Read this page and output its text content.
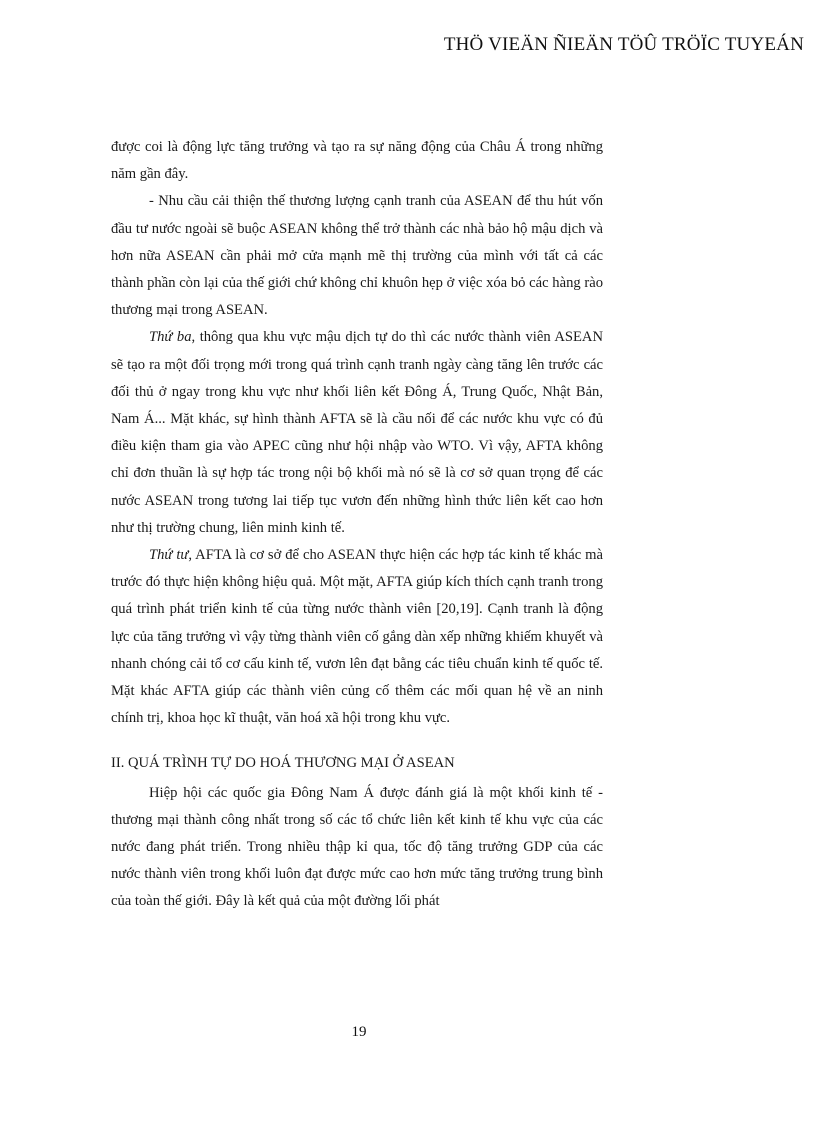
THÖ VIEÄN ÑIEÄN TÖÛ TRÖÏC TUYEÁN

được coi là động lực tăng trưởng và tạo ra sự năng động của Châu Á trong những năm gần đây.

- Nhu cầu cải thiện thế thương lượng cạnh tranh của ASEAN để thu hút vốn đầu tư nước ngoài sẽ buộc ASEAN không thể trở thành các nhà bảo hộ mậu dịch và hơn nữa ASEAN cần phải mở cửa mạnh mẽ thị trường của mình với tất cả các thành phần còn lại của thế giới chứ không chỉ khuôn hẹp ở việc xóa bỏ các hàng rào thương mại trong ASEAN.

Thứ ba, thông qua khu vực mậu dịch tự do thì các nước thành viên ASEAN sẽ tạo ra một đối trọng mới trong quá trình cạnh tranh ngày càng tăng lên trước các đối thủ ở ngay trong khu vực như khối liên kết Đông Á, Trung Quốc, Nhật Bản, Nam Á... Mặt khác, sự hình thành AFTA sẽ là cầu nối để các nước khu vực có đủ điều kiện tham gia vào APEC cũng như hội nhập vào WTO. Vì vậy, AFTA không chỉ đơn thuần là sự hợp tác trong nội bộ khối mà nó sẽ là cơ sở quan trọng để các nước ASEAN trong tương lai tiếp tục vươn đến những hình thức liên kết cao hơn như thị trường chung, liên minh kinh tế.

Thứ tư, AFTA là cơ sở để cho ASEAN thực hiện các hợp tác kinh tế khác mà trước đó thực hiện không hiệu quả. Một mặt, AFTA giúp kích thích cạnh tranh trong quá trình phát triển kinh tế của từng nước thành viên [20,19]. Cạnh tranh là động lực của tăng trưởng vì vậy từng thành viên cố gắng dàn xếp những khiếm khuyết và nhanh chóng cải tổ cơ cấu kinh tế, vươn lên đạt bằng các tiêu chuẩn kinh tế quốc tế. Mặt khác AFTA giúp các thành viên củng cố thêm các mối quan hệ về an ninh chính trị, khoa học kĩ thuật, văn hoá xã hội trong khu vực.

II. QUÁ TRÌNH TỰ DO HOÁ THƯƠNG MẠI Ở ASEAN

Hiệp hội các quốc gia Đông Nam Á được đánh giá là một khối kinh tế - thương mại thành công nhất trong số các tổ chức liên kết kinh tế khu vực của các nước đang phát triển. Trong nhiều thập kỉ qua, tốc độ tăng trưởng GDP của các nước thành viên trong khối luôn đạt được mức cao hơn mức tăng trưởng trung bình của toàn thế giới. Đây là kết quả của một đường lối phát

19
